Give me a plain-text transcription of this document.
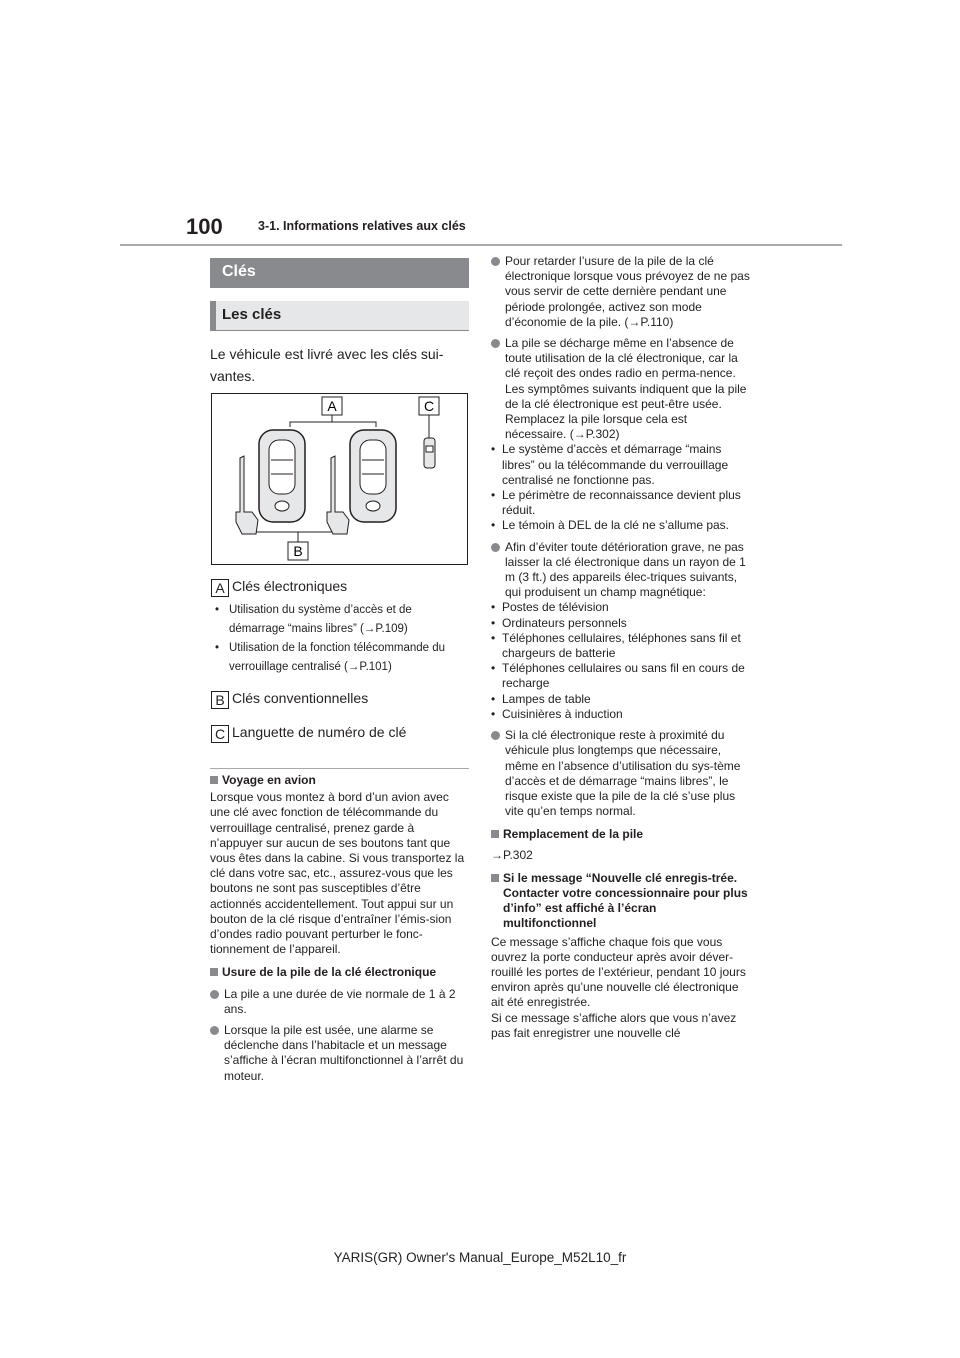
100	3-1. Informations relatives aux clés
Clés
Les clés
Le véhicule est livré avec les clés sui-vantes.
A	C
B
A Clés électroniques
• Utilisation du système d’accès et de démarrage “mains libres” (→P.109)
• Utilisation de la fonction télécommande du verrouillage centralisé (→P.101)
B Clés conventionnelles
C Languette de numéro de clé
Voyage en avion
Lorsque vous montez à bord d’un avion avec une clé avec fonction de télécommande du verrouillage centralisé, prenez garde à n’appuyer sur aucun de ses boutons tant que vous êtes dans la cabine. Si vous transportez la clé dans votre sac, etc., assurez-vous que les boutons ne sont pas susceptibles d’être actionnés accidentellement. Tout appui sur un bouton de la clé risque d’entraîner l’émis-sion d’ondes radio pouvant perturber le fonc-tionnement de l’appareil.
Usure de la pile de la clé électronique
La pile a une durée de vie normale de 1 à 2 ans.
Lorsque la pile est usée, une alarme se déclenche dans l’habitacle et un message s’affiche à l’écran multifonctionnel à l’arrêt du moteur.
Pour retarder l’usure de la pile de la clé électronique lorsque vous prévoyez de ne pas vous servir de cette dernière pendant une période prolongée, activez son mode d’économie de la pile. (→P.110)
La pile se décharge même en l’absence de toute utilisation de la clé électronique, car la clé reçoit des ondes radio en perma-nence. Les symptômes suivants indiquent que la pile de la clé électronique est peut-être usée. Remplacez la pile lorsque cela est nécessaire. (→P.302)
• Le système d’accès et démarrage “mains libres” ou la télécommande du verrouillage centralisé ne fonctionne pas.
• Le périmètre de reconnaissance devient plus réduit.
• Le témoin à DEL de la clé ne s’allume pas.
Afin d’éviter toute détérioration grave, ne pas laisser la clé électronique dans un rayon de 1 m (3 ft.) des appareils élec-triques suivants, qui produisent un champ magnétique:
• Postes de télévision
• Ordinateurs personnels
• Téléphones cellulaires, téléphones sans fil et chargeurs de batterie
• Téléphones cellulaires ou sans fil en cours de recharge
• Lampes de table
• Cuisinières à induction
Si la clé électronique reste à proximité du véhicule plus longtemps que nécessaire, même en l’absence d’utilisation du sys-tème d’accès et de démarrage “mains libres”, le risque existe que la pile de la clé s’use plus vite qu’en temps normal.
Remplacement de la pile
→P.302
Si le message “Nouvelle clé enregis-trée. Contacter votre concessionnaire pour plus d’info” est affiché à l’écran multifonctionnel
Ce message s’affiche chaque fois que vous ouvrez la porte conducteur après avoir déver-rouillé les portes de l’extérieur, pendant 10 jours environ après qu’une nouvelle clé électronique ait été enregistrée.
Si ce message s’affiche alors que vous n’avez pas fait enregistrer une nouvelle clé
YARIS(GR) Owner's Manual_Europe_M52L10_fr
